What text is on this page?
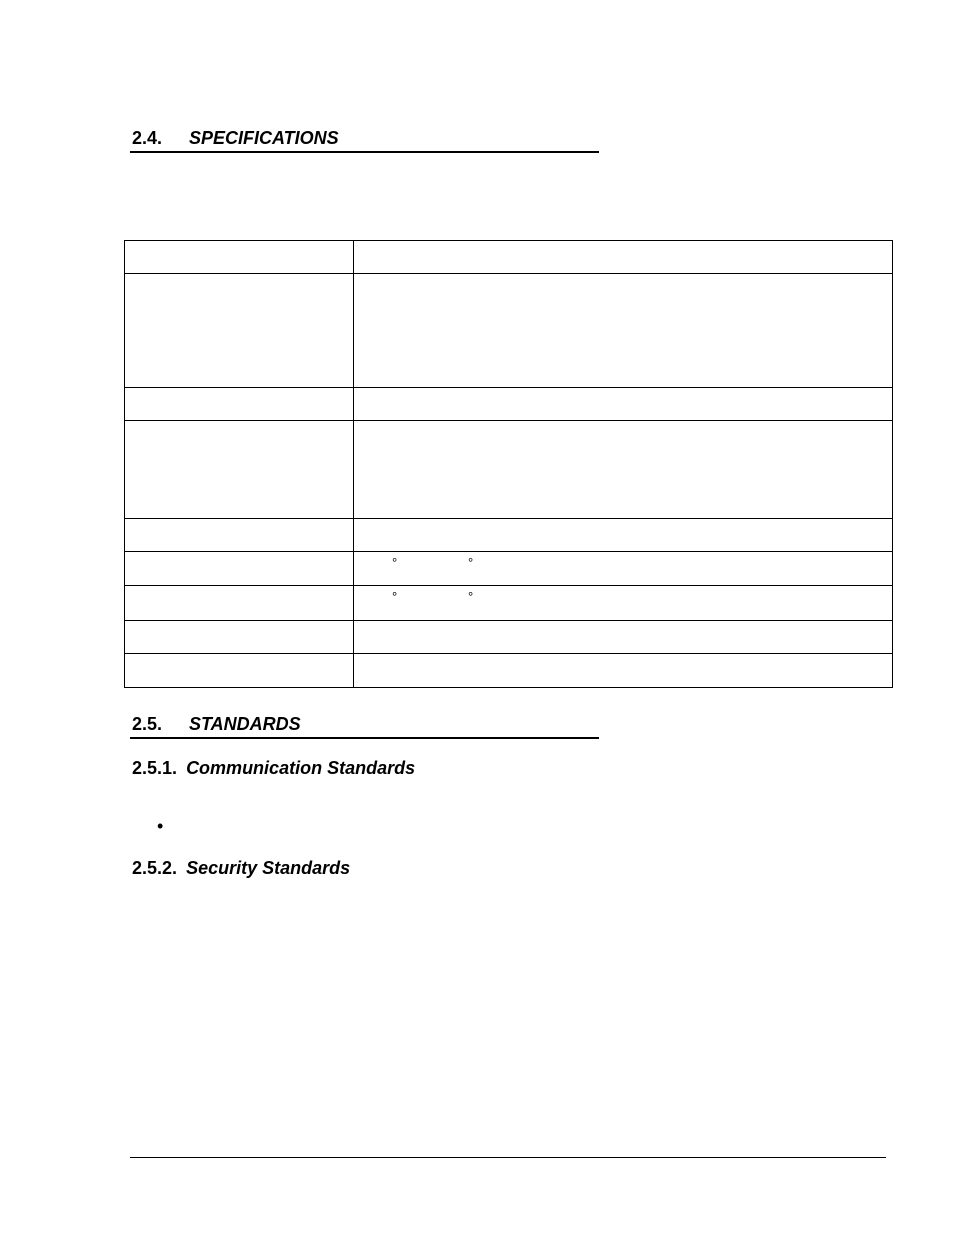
2.4. SPECIFICATIONS

	° °

	° °

2.5. STANDARDS
2.5.1. Communication Standards
•
2.5.2. Security Standards
